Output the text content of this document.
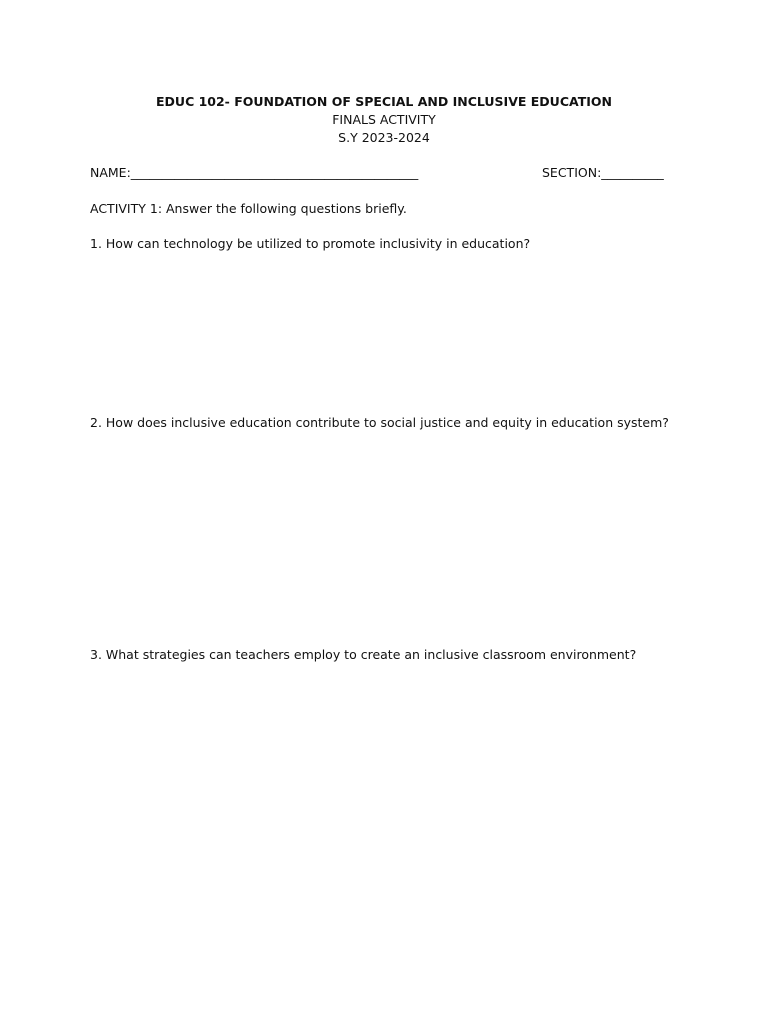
EDUC 102- FOUNDATION OF SPECIAL AND INCLUSIVE EDUCATION
FINALS ACTIVITY
S.Y 2023-2024
NAME:______________________________________________	SECTION:__________
ACTIVITY 1: Answer the following questions briefly.
1. How can technology be utilized to promote inclusivity in education?
2. How does inclusive education contribute to social justice and equity in education system?
3. What strategies can teachers employ to create an inclusive classroom environment?
